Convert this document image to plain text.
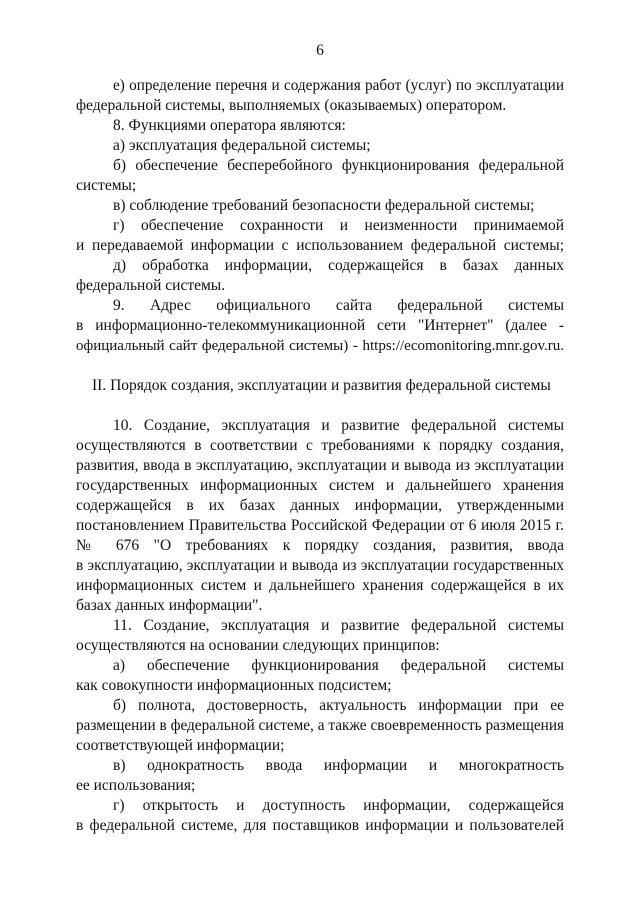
6
е) определение перечня и содержания работ (услуг) по эксплуатации
федеральной системы, выполняемых (оказываемых) оператором.
8. Функциями оператора являются:
а) эксплуатация федеральной системы;
б) обеспечение бесперебойного функционирования федеральной
системы;
в) соблюдение требований безопасности федеральной системы;
г) обеспечение сохранности и неизменности принимаемой
и передаваемой информации с использованием федеральной системы;
д) обработка информации, содержащейся в базах данных
федеральной системы.
9. Адрес официального сайта федеральной системы
в информационно-телекоммуникационной сети "Интернет" (далее -
официальный сайт федеральной системы) - https://ecomonitoring.mnr.gov.ru.
II. Порядок создания, эксплуатации и развития федеральной системы
10. Создание, эксплуатация и развитие федеральной системы
осуществляются в соответствии с требованиями к порядку создания,
развития, ввода в эксплуатацию, эксплуатации и вывода из эксплуатации
государственных информационных систем и дальнейшего хранения
содержащейся в их базах данных информации, утвержденными
постановлением Правительства Российской Федерации от 6 июля 2015 г.
№ 676 "О требованиях к порядку создания, развития, ввода
в эксплуатацию, эксплуатации и вывода из эксплуатации государственных
информационных систем и дальнейшего хранения содержащейся в их
базах данных информации".
11. Создание, эксплуатация и развитие федеральной системы
осуществляются на основании следующих принципов:
а) обеспечение функционирования федеральной системы
как совокупности информационных подсистем;
б) полнота, достоверность, актуальность информации при ее
размещении в федеральной системе, а также своевременность размещения
соответствующей информации;
в) однократность ввода информации и многократность
ее использования;
г) открытость и доступность информации, содержащейся
в федеральной системе, для поставщиков информации и пользователей
